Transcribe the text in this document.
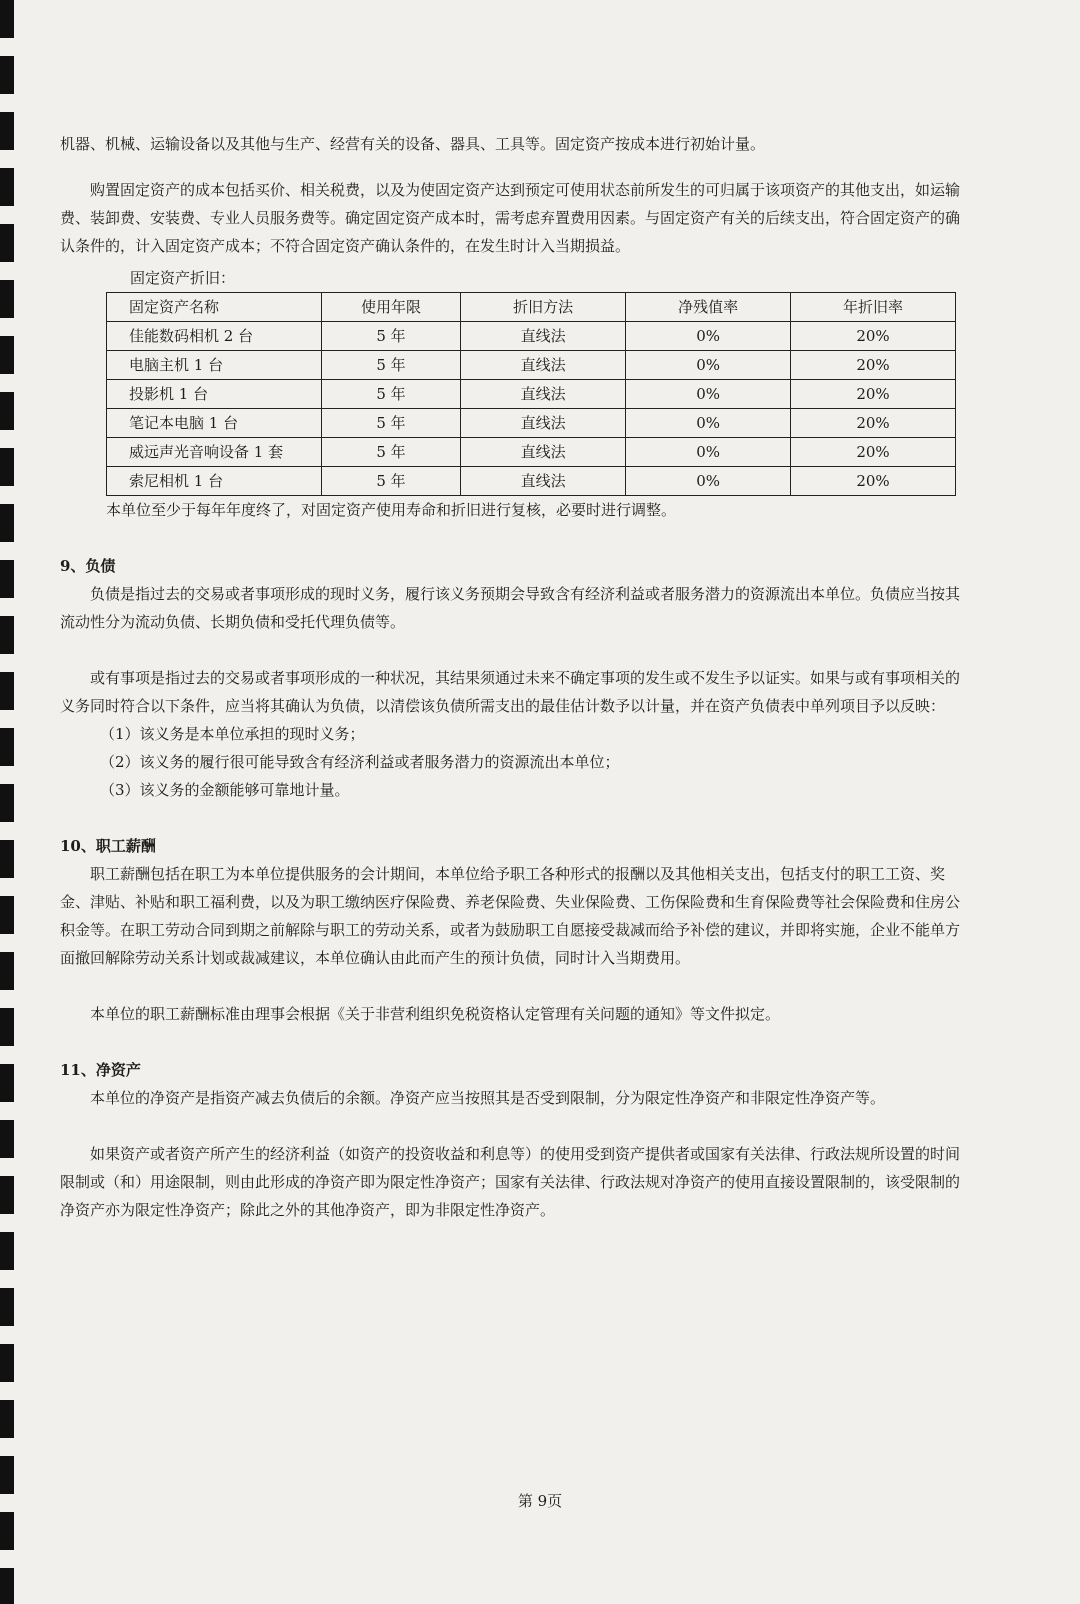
机器、机械、运输设备以及其他与生产、经营有关的设备、器具、工具等。固定资产按成本进行初始计量。

购置固定资产的成本包括买价、相关税费，以及为使固定资产达到预定可使用状态前所发生的可归属于该项资产的其他支出，如运输费、装卸费、安装费、专业人员服务费等。确定固定资产成本时，需考虑弃置费用因素。与固定资产有关的后续支出，符合固定资产的确认条件的，计入固定资产成本；不符合固定资产确认条件的，在发生时计入当期损益。

固定资产折旧：

固定资产名称	使用年限	折旧方法	净残值率	年折旧率
佳能数码相机 2 台	5 年	直线法	0%	20%
电脑主机 1 台	5 年	直线法	0%	20%
投影机 1 台	5 年	直线法	0%	20%
笔记本电脑 1 台	5 年	直线法	0%	20%
威远声光音响设备 1 套	5 年	直线法	0%	20%
索尼相机 1 台	5 年	直线法	0%	20%

本单位至少于每年年度终了，对固定资产使用寿命和折旧进行复核，必要时进行调整。

9、负债

负债是指过去的交易或者事项形成的现时义务，履行该义务预期会导致含有经济利益或者服务潜力的资源流出本单位。负债应当按其流动性分为流动负债、长期负债和受托代理负债等。

或有事项是指过去的交易或者事项形成的一种状况，其结果须通过未来不确定事项的发生或不发生予以证实。如果与或有事项相关的义务同时符合以下条件，应当将其确认为负债，以清偿该负债所需支出的最佳估计数予以计量，并在资产负债表中单列项目予以反映：

（1）该义务是本单位承担的现时义务；

（2）该义务的履行很可能导致含有经济利益或者服务潜力的资源流出本单位；

（3）该义务的金额能够可靠地计量。

10、职工薪酬

职工薪酬包括在职工为本单位提供服务的会计期间，本单位给予职工各种形式的报酬以及其他相关支出，包括支付的职工工资、奖金、津贴、补贴和职工福利费，以及为职工缴纳医疗保险费、养老保险费、失业保险费、工伤保险费和生育保险费等社会保险费和住房公积金等。在职工劳动合同到期之前解除与职工的劳动关系，或者为鼓励职工自愿接受裁减而给予补偿的建议，并即将实施，企业不能单方面撤回解除劳动关系计划或裁减建议，本单位确认由此而产生的预计负债，同时计入当期费用。

本单位的职工薪酬标准由理事会根据《关于非营利组织免税资格认定管理有关问题的通知》等文件拟定。

11、净资产

本单位的净资产是指资产减去负债后的余额。净资产应当按照其是否受到限制，分为限定性净资产和非限定性净资产等。

如果资产或者资产所产生的经济利益（如资产的投资收益和利息等）的使用受到资产提供者或国家有关法律、行政法规所设置的时间限制或（和）用途限制，则由此形成的净资产即为限定性净资产；国家有关法律、行政法规对净资产的使用直接设置限制的，该受限制的净资产亦为限定性净资产；除此之外的其他净资产，即为非限定性净资产。

第 9页
